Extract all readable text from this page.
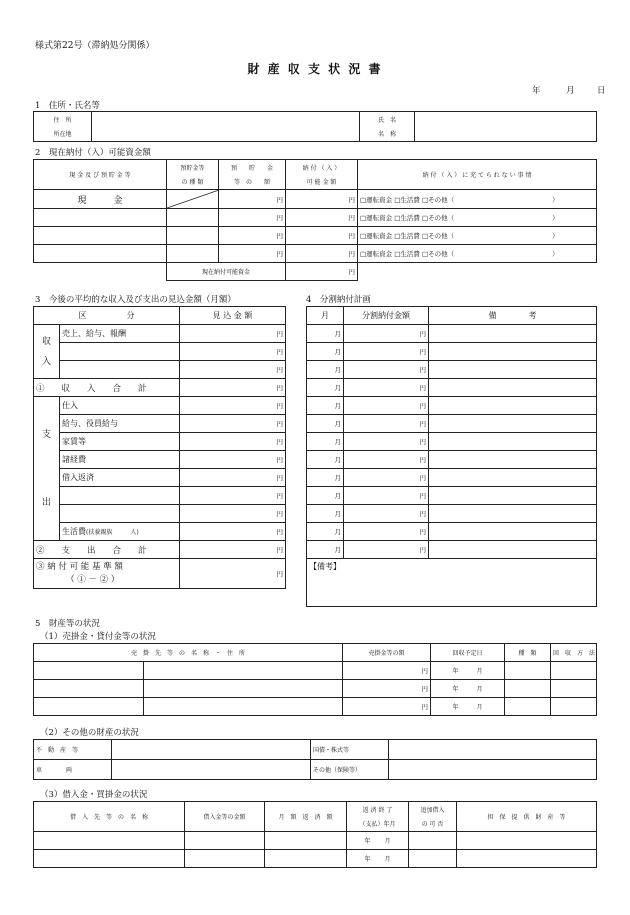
様式第22号（滞納処分関係）
財 産 収 支 状 況 書
年	月	日
1　住所・氏名等
住　所		氏　名	
所在地		名　称	
2　現在納付（入）可能資金額
現 金 及 び 預 貯 金 等	預貯金等	預　　貯　　金	納 付 （ 入 ）	納 付 （ 入 ） に 充 て ら れ な い 事 情
	の 種 類	等　の　　額	可 能 金 額	
現　　　金		円	円	□運転資金 □生活費 □その他（ ）
		円	円	□運転資金 □生活費 □その他（ ）
		円	円	□運転資金 □生活費 □その他（ ）
		円	円	□運転資金 □生活費 □その他（ ）
	現在納付可能資金		円	
3　今後の平均的な収入及び支出の見込金額（月額）
区　　　　　分		見 込 金 額
収
入	売上、給与、報酬	円
		円
		円
①　　収　　入　　合　　計		円
支
出	仕入	円
	給与、役員給与	円
	家賃等	円
	諸経費	円
	借入返済	円
		円
		円
	生活費(扶養親族 人)	円
②　　支　　出　　合　　計		円
③ 納 付 可 能 基 準 額
（ ① － ② ）		円
4　分割納付計画
月	分割納付金額	備　　　　考
月	円	
月	円	
月	円	
月	円	
月	円	
月	円	
月	円	
月	円	
月	円	
月	円	
月	円	
月	円	
月	円	
【備考】		
5　財産等の状況
（1）売掛金・貸付金等の状況
売　掛　先　等　の　名　称　・　住　所		売掛金等の額	回収予定日	種　類	回　収　方　法
		円	年 月		
		円	年 月		
		円	年 月		
（2）その他の財産の状況
不　動　産　等		国債・株式等	
車　　　　両		その他（保険等）	
（3）借入金・買掛金の状況
借　入　先　等　の　名　称	借入金等の金額	月　額　返　済　額	返 済 終 了	追加借入	担　保　提　供　財　産　等
			（支払）年月	の 可 否	
			年 月		
			年 月		
